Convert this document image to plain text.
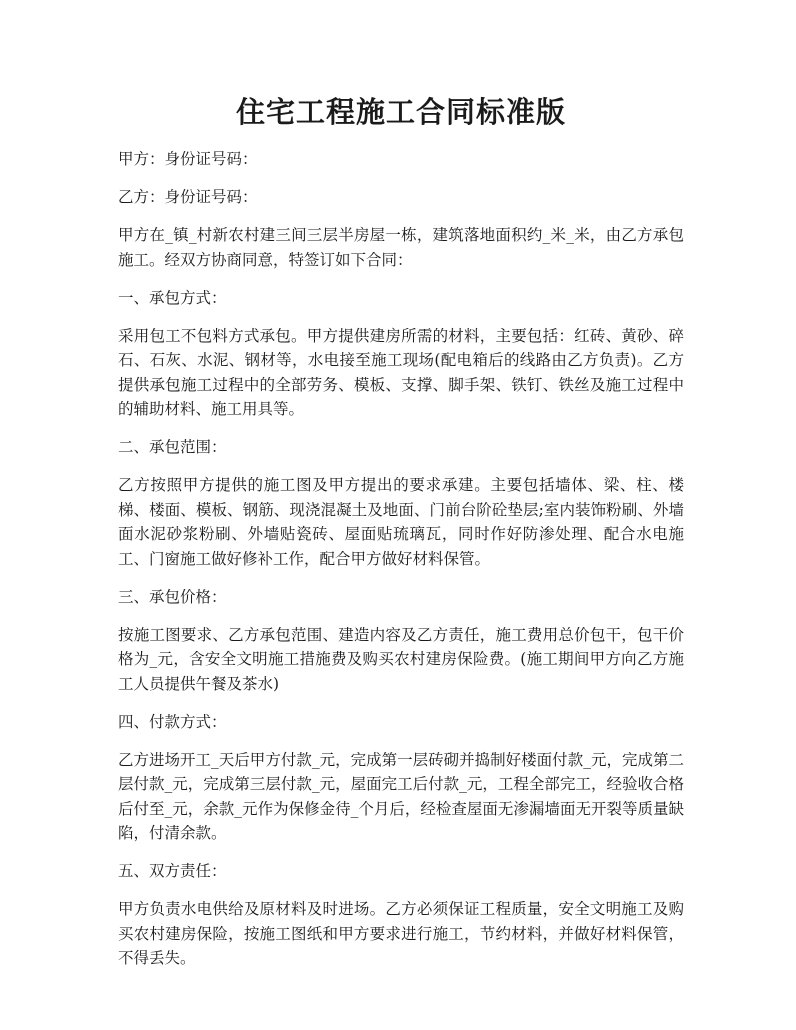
住宅工程施工合同标准版

甲方：身份证号码：

乙方：身份证号码：

甲方在_镇_村新农村建三间三层半房屋一栋，建筑落地面积约_米_米，由乙方承包施工。经双方协商同意，特签订如下合同：

一、承包方式：

采用包工不包料方式承包。甲方提供建房所需的材料，主要包括：红砖、黄砂、碎石、石灰、水泥、钢材等，水电接至施工现场(配电箱后的线路由乙方负责)。乙方提供承包施工过程中的全部劳务、模板、支撑、脚手架、铁钉、铁丝及施工过程中的辅助材料、施工用具等。

二、承包范围：

乙方按照甲方提供的施工图及甲方提出的要求承建。主要包括墙体、梁、柱、楼梯、楼面、模板、钢筋、现浇混凝土及地面、门前台阶砼垫层;室内装饰粉刷、外墙面水泥砂浆粉刷、外墙贴瓷砖、屋面贴琉璃瓦，同时作好防渗处理、配合水电施工、门窗施工做好修补工作，配合甲方做好材料保管。

三、承包价格：

按施工图要求、乙方承包范围、建造内容及乙方责任，施工费用总价包干，包干价格为_元，含安全文明施工措施费及购买农村建房保险费。(施工期间甲方向乙方施工人员提供午餐及茶水)

四、付款方式：

乙方进场开工_天后甲方付款_元，完成第一层砖砌并捣制好楼面付款_元，完成第二层付款_元，完成第三层付款_元，屋面完工后付款_元，工程全部完工，经验收合格后付至_元，余款_元作为保修金待_个月后，经检查屋面无渗漏墙面无开裂等质量缺陷，付清余款。

五、双方责任：

甲方负责水电供给及原材料及时进场。乙方必须保证工程质量，安全文明施工及购买农村建房保险，按施工图纸和甲方要求进行施工，节约材料，并做好材料保管，不得丢失。
